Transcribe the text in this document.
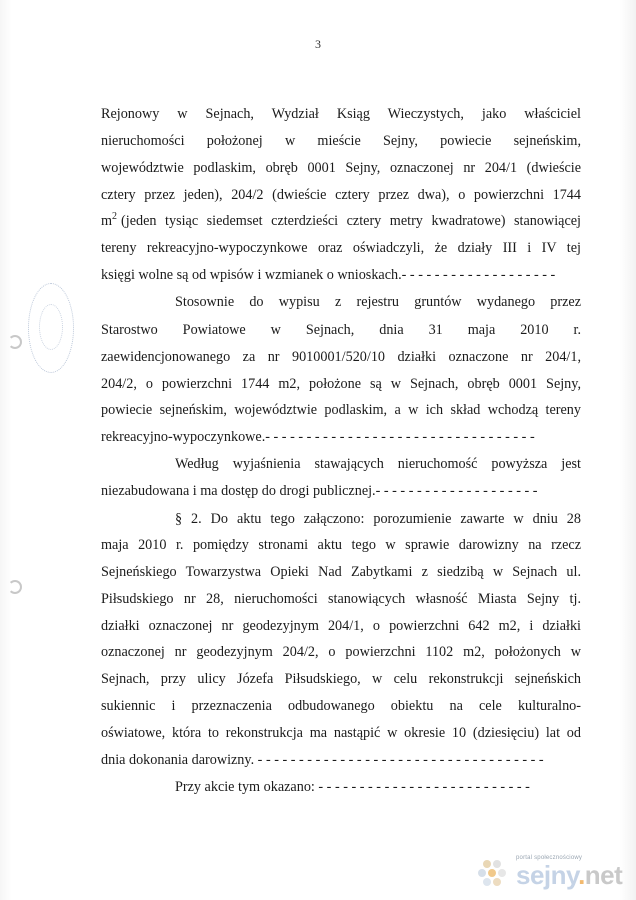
3
Rejonowy w Sejnach, Wydział Ksiąg Wieczystych, jako właściciel
nieruchomości położonej w mieście Sejny, powiecie sejneńskim,
województwie podlaskim, obręb 0001 Sejny, oznaczonej nr 204/1 (dwieście
cztery przez jeden), 204/2 (dwieście cztery przez dwa), o powierzchni 1744
$m^2$ (jeden tysiąc siedemset czterdzieści cztery metry kwadratowe) stanowiącej
tereny rekreacyjno-wypoczynkowe oraz oświadczyli, że działy III i IV tej
księgi wolne są od wpisów i wzmianek o wnioskach.- - - - - - - - - - - - - - - - - - -
Stosownie do wypisu z rejestru gruntów wydanego przez
Starostwo Powiatowe w Sejnach, dnia 31 maja 2010 r.
zaewidencjonowanego za nr 9010001/520/10 działki oznaczone nr 204/1,
204/2, o powierzchni 1744 m2, położone są w Sejnach, obręb 0001 Sejny,
powiecie sejneńskim, województwie podlaskim, a w ich skład wchodzą tereny
rekreacyjno-wypoczynkowe.- - - - - - - - - - - - - - - - - - - - - - - - - - - - - - - - -
Według wyjaśnienia stawających nieruchomość powyższa jest
niezabudowana i ma dostęp do drogi publicznej.- - - - - - - - - - - - - - - - - - - -
§ 2. Do aktu tego załączono: porozumienie zawarte w dniu 28
maja 2010 r. pomiędzy stronami aktu tego w sprawie darowizny na rzecz
Sejneńskiego Towarzystwa Opieki Nad Zabytkami z siedzibą w Sejnach ul.
Piłsudskiego nr 28, nieruchomości stanowiących własność Miasta Sejny tj.
działki oznaczonej nr geodezyjnym 204/1, o powierzchni 642 m2, i działki
oznaczonej nr geodezyjnym 204/2, o powierzchni 1102 m2, położonych w
Sejnach, przy ulicy Józefa Piłsudskiego, w celu rekonstrukcji sejneńskich
sukiennic i przeznaczenia odbudowanego obiektu na cele kulturalno-
oświatowe, która to rekonstrukcja ma nastąpić w okresie 10 (dziesięciu) lat od
dnia dokonania darowizny. - - - - - - - - - - - - - - - - - - - - - - - - - - - - - - - - - - -
Przy akcie tym okazano: - - - - - - - - - - - - - - - - - - - - - - - - - -
portal społecznościowy
sejny.net
